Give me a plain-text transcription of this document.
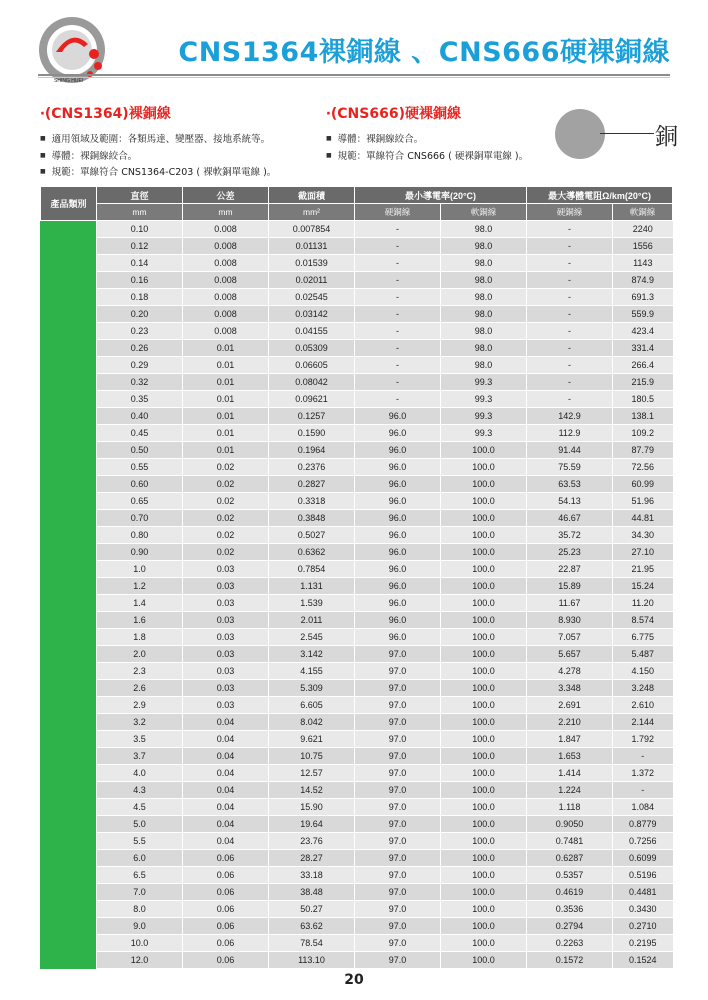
SHING HUEI
CNS1364裸銅線 、CNS666硬裸銅線
‧(CNS1364)裸銅線
■ 適用領域及範圍：各類馬達、變壓器、接地系統等。
■ 導體：裸銅線絞合。
■ 規範：單線符合 CNS1364-C203 ( 裸軟銅單電線 )。
‧(CNS666)硬裸銅線
■ 導體：裸銅線絞合。
■ 規範：單線符合 CNS666 ( 硬裸銅單電線 )。
銅
產品類別	直徑	公差	截面積	最小導電率(20°C)		最大導體電阻Ω/km(20°C)	
	mm	mm	mm²	硬銅線	軟銅線	硬銅線	軟銅線
	0.10	0.008	0.007854	-	98.0	-	2240
	0.12	0.008	0.01131	-	98.0	-	1556
	0.14	0.008	0.01539	-	98.0	-	1143
	0.16	0.008	0.02011	-	98.0	-	874.9
	0.18	0.008	0.02545	-	98.0	-	691.3
	0.20	0.008	0.03142	-	98.0	-	559.9
	0.23	0.008	0.04155	-	98.0	-	423.4
	0.26	0.01	0.05309	-	98.0	-	331.4
	0.29	0.01	0.06605	-	98.0	-	266.4
	0.32	0.01	0.08042	-	99.3	-	215.9
	0.35	0.01	0.09621	-	99.3	-	180.5
	0.40	0.01	0.1257	96.0	99.3	142.9	138.1
	0.45	0.01	0.1590	96.0	99.3	112.9	109.2
	0.50	0.01	0.1964	96.0	100.0	91.44	87.79
	0.55	0.02	0.2376	96.0	100.0	75.59	72.56
	0.60	0.02	0.2827	96.0	100.0	63.53	60.99
	0.65	0.02	0.3318	96.0	100.0	54.13	51.96
	0.70	0.02	0.3848	96.0	100.0	46.67	44.81
	0.80	0.02	0.5027	96.0	100.0	35.72	34.30
	0.90	0.02	0.6362	96.0	100.0	25.23	27.10
	1.0	0.03	0.7854	96.0	100.0	22.87	21.95
	1.2	0.03	1.131	96.0	100.0	15.89	15.24
	1.4	0.03	1.539	96.0	100.0	11.67	11.20
	1.6	0.03	2.011	96.0	100.0	8.930	8.574
	1.8	0.03	2.545	96.0	100.0	7.057	6.775
	2.0	0.03	3.142	97.0	100.0	5.657	5.487
	2.3	0.03	4.155	97.0	100.0	4.278	4.150
	2.6	0.03	5.309	97.0	100.0	3.348	3.248
	2.9	0.03	6.605	97.0	100.0	2.691	2.610
	3.2	0.04	8.042	97.0	100.0	2.210	2.144
	3.5	0.04	9.621	97.0	100.0	1.847	1.792
	3.7	0.04	10.75	97.0	100.0	1.653	-
	4.0	0.04	12.57	97.0	100.0	1.414	1.372
	4.3	0.04	14.52	97.0	100.0	1.224	-
	4.5	0.04	15.90	97.0	100.0	1.118	1.084
	5.0	0.04	19.64	97.0	100.0	0.9050	0.8779
	5.5	0.04	23.76	97.0	100.0	0.7481	0.7256
	6.0	0.06	28.27	97.0	100.0	0.6287	0.6099
	6.5	0.06	33.18	97.0	100.0	0.5357	0.5196
	7.0	0.06	38.48	97.0	100.0	0.4619	0.4481
	8.0	0.06	50.27	97.0	100.0	0.3536	0.3430
	9.0	0.06	63.62	97.0	100.0	0.2794	0.2710
	10.0	0.06	78.54	97.0	100.0	0.2263	0.2195
	12.0	0.06	113.10	97.0	100.0	0.1572	0.1524
20
